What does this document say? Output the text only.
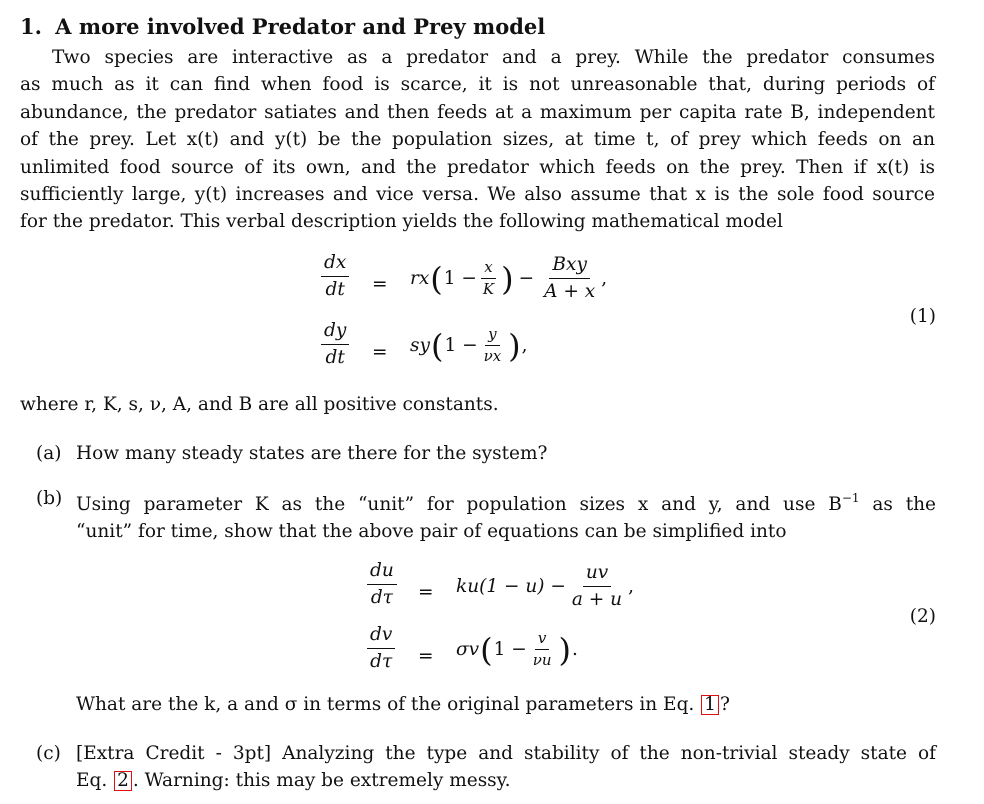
1. A more involved Predator and Prey model
Two species are interactive as a predator and a prey. While the predator consumes
as much as it can find when food is scarce, it is not unreasonable that, during periods of
abundance, the predator satiates and then feeds at a maximum per capita rate B, independent
of the prey. Let x(t) and y(t) be the population sizes, at time t, of prey which feeds on an
unlimited food source of its own, and the predator which feeds on the prey. Then if x(t) is
sufficiently large, y(t) increases and vice versa. We also assume that x is the sole food source
for the predator. This verbal description yields the following mathematical model
$\frac{dx}{dt}$ = rx ( $1 - \frac{x}{K}$ ) − $\frac{\text{Bxy}}{A + x}$ ,
(1)
$\frac{dy}{dt}$ = sy ( $1 - \frac{y}{\nu x}$ ) ,
where r, K, s, ν, A, and B are all positive constants.
(a) How many steady states are there for the system?
(b) Using parameter K as the “unit” for population sizes x and y, and use $B^{-1}$ as the
“unit” for time, show that the above pair of equations can be simplified into
$\frac{du}{d\tau} = ku(1 - u) - \frac{uv}{a + u}$ ,
(2)
$\frac{dv}{d\tau} = \sigma v$ ( $1 - \frac{v}{\nu u}$ ) .
What are the k, a and σ in terms of the original parameters in Eq. 1 ?
(c) [Extra Credit - 3pt] Analyzing the type and stability of the non-trivial steady state of
Eq. 2 . Warning: this may be extremely messy.
